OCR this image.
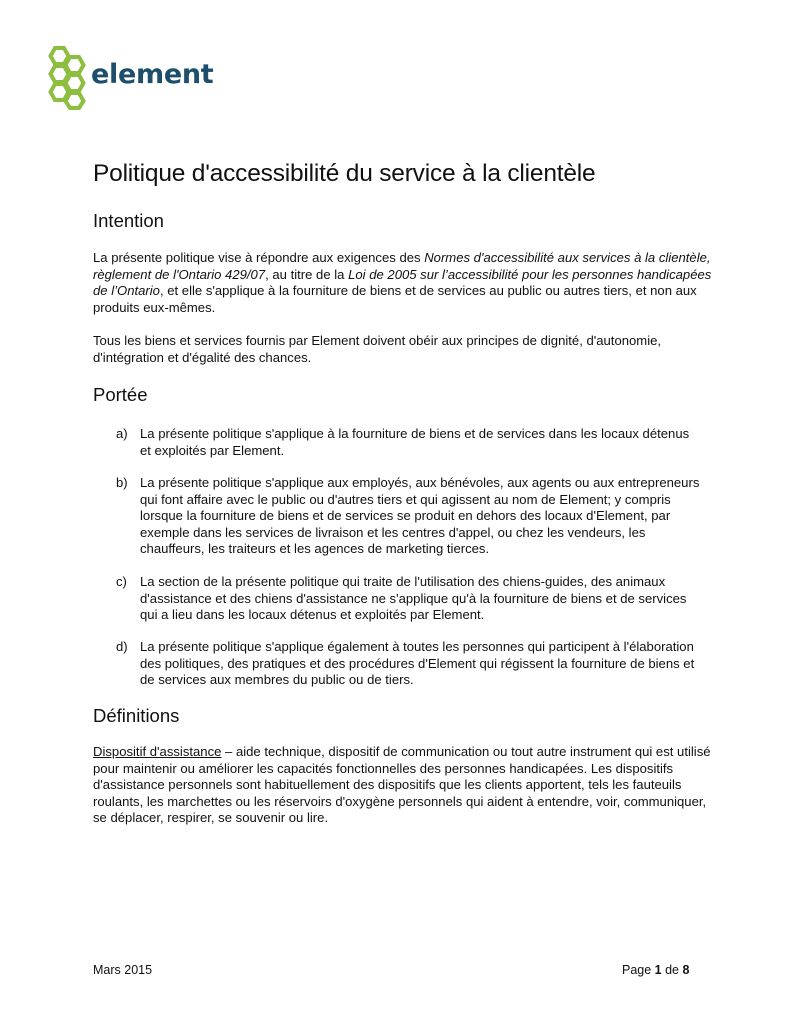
element
Politique d'accessibilité du service à la clientèle
Intention

La présente politique vise à répondre aux exigences des Normes d'accessibilité aux services à la clientèle, règlement de l'Ontario 429/07, au titre de la Loi de 2005 sur l’accessibilité pour les personnes handicapées de l’Ontario, et elle s'applique à la fourniture de biens et de services au public ou autres tiers, et non aux produits eux-mêmes.

Tous les biens et services fournis par Element doivent obéir aux principes de dignité, d'autonomie, d'intégration et d'égalité des chances.

Portée
a) La présente politique s'applique à la fourniture de biens et de services dans les locaux détenus et exploités par Element.

b) La présente politique s'applique aux employés, aux bénévoles, aux agents ou aux entrepreneurs qui font affaire avec le public ou d'autres tiers et qui agissent au nom de Element; y compris lorsque la fourniture de biens et de services se produit en dehors des locaux d'Element, par exemple dans les services de livraison et les centres d'appel, ou chez les vendeurs, les chauffeurs, les traiteurs et les agences de marketing tierces.

c) La section de la présente politique qui traite de l'utilisation des chiens-guides, des animaux d'assistance et des chiens d'assistance ne s'applique qu'à la fourniture de biens et de services qui a lieu dans les locaux détenus et exploités par Element.

d) La présente politique s'applique également à toutes les personnes qui participent à l'élaboration des politiques, des pratiques et des procédures d'Element qui régissent la fourniture de biens et de services aux membres du public ou de tiers.

Définitions

Dispositif d'assistance – aide technique, dispositif de communication ou tout autre instrument qui est utilisé pour maintenir ou améliorer les capacités fonctionnelles des personnes handicapées. Les dispositifs d'assistance personnels sont habituellement des dispositifs que les clients apportent, tels les fauteuils roulants, les marchettes ou les réservoirs d'oxygène personnels qui aident à entendre, voir, communiquer, se déplacer, respirer, se souvenir ou lire.

Mars 2015	Page 1 de 8
